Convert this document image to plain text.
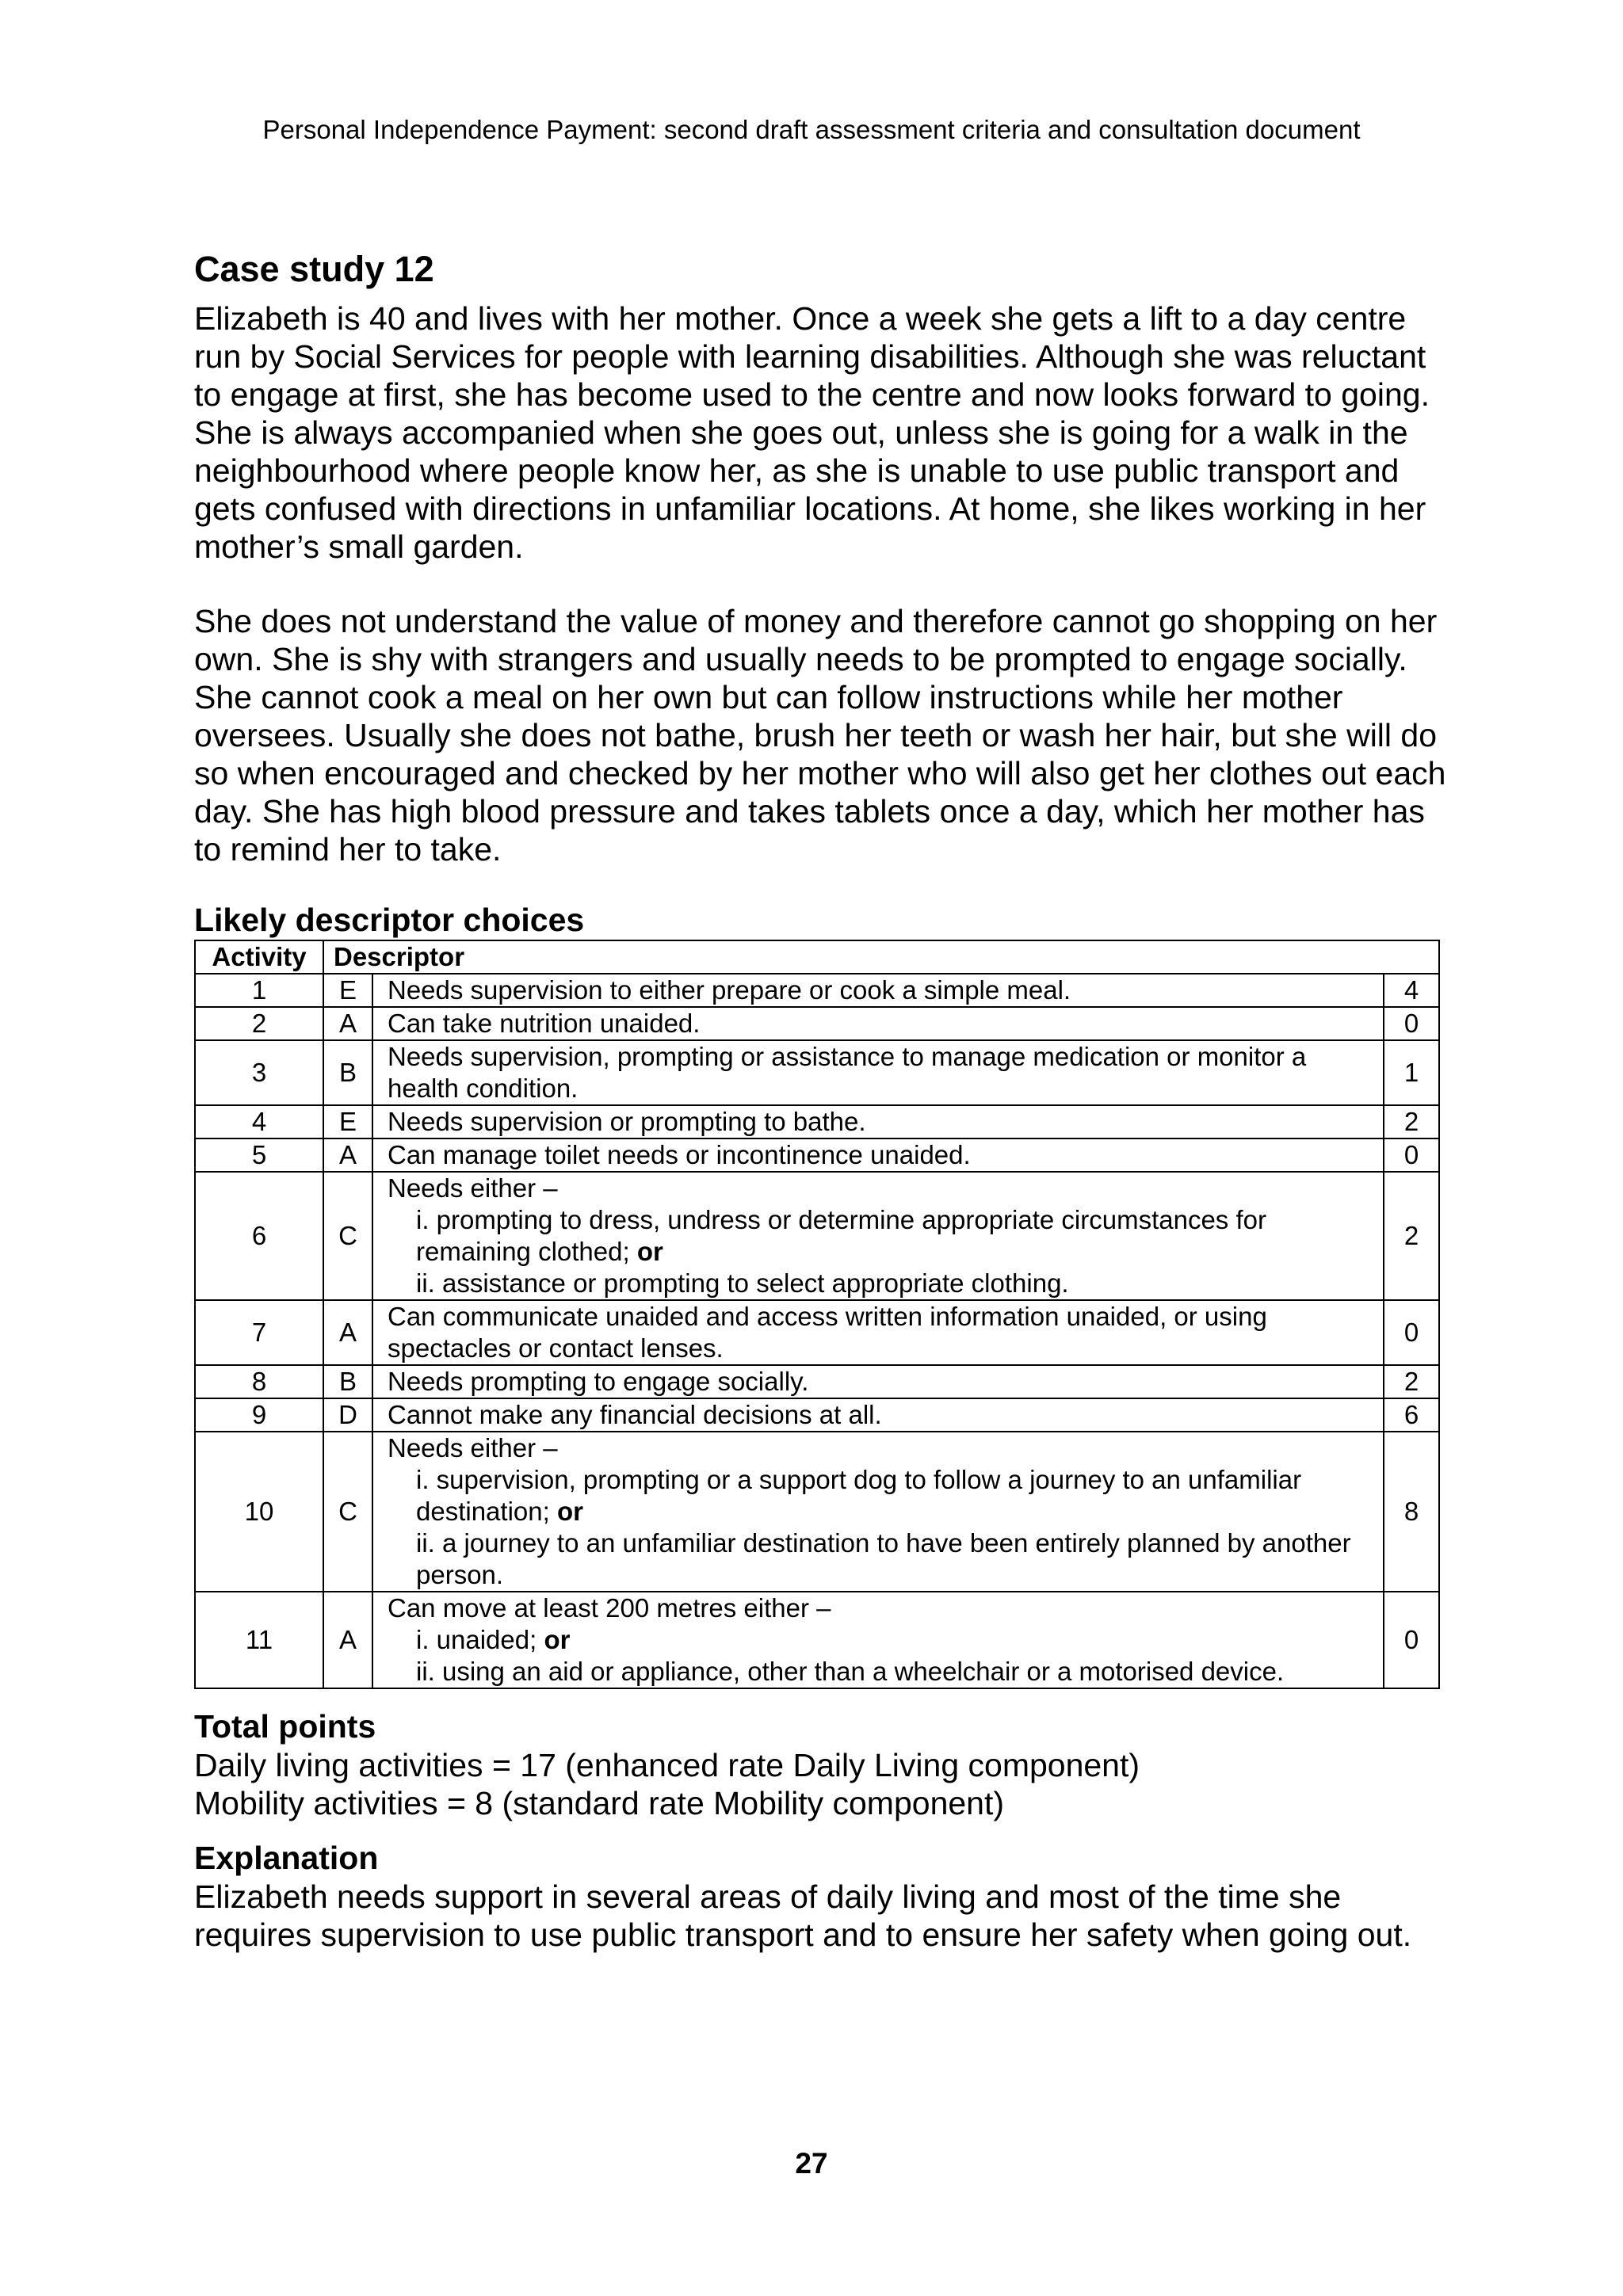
Personal Independence Payment: second draft assessment criteria and consultation document
Case study 12

Elizabeth is 40 and lives with her mother. Once a week she gets a lift to a day centre run by Social Services for people with learning disabilities. Although she was reluctant to engage at first, she has become used to the centre and now looks forward to going. She is always accompanied when she goes out, unless she is going for a walk in the neighbourhood where people know her, as she is unable to use public transport and gets confused with directions in unfamiliar locations. At home, she likes working in her mother’s small garden.

She does not understand the value of money and therefore cannot go shopping on her own. She is shy with strangers and usually needs to be prompted to engage socially. She cannot cook a meal on her own but can follow instructions while her mother oversees. Usually she does not bathe, brush her teeth or wash her hair, but she will do so when encouraged and checked by her mother who will also get her clothes out each day. She has high blood pressure and takes tablets once a day, which her mother has to remind her to take.

Likely descriptor choices
Activity	Descriptor		
1	E	Needs supervision to either prepare or cook a simple meal.	4
2	A	Can take nutrition unaided.	0
3	B	Needs supervision, prompting or assistance to manage medication or monitor a health condition.	1
4	E	Needs supervision or prompting to bathe.	2
5	A	Can manage toilet needs or incontinence unaided.	0
6	C	Needs either –
i. prompting to dress, undress or determine appropriate circumstances for remaining clothed; or
ii. assistance or prompting to select appropriate clothing.	2
7	A	Can communicate unaided and access written information unaided, or using spectacles or contact lenses.	0
8	B	Needs prompting to engage socially.	2
9	D	Cannot make any financial decisions at all.	6
10	C	Needs either –
i. supervision, prompting or a support dog to follow a journey to an unfamiliar destination; or
ii. a journey to an unfamiliar destination to have been entirely planned by another person.	8
11	A	Can move at least 200 metres either –
i. unaided; or
ii. using an aid or appliance, other than a wheelchair or a motorised device.	0
Total points

Daily living activities = 17 (enhanced rate Daily Living component)

Mobility activities = 8 (standard rate Mobility component)

Explanation

Elizabeth needs support in several areas of daily living and most of the time she requires supervision to use public transport and to ensure her safety when going out.

27
